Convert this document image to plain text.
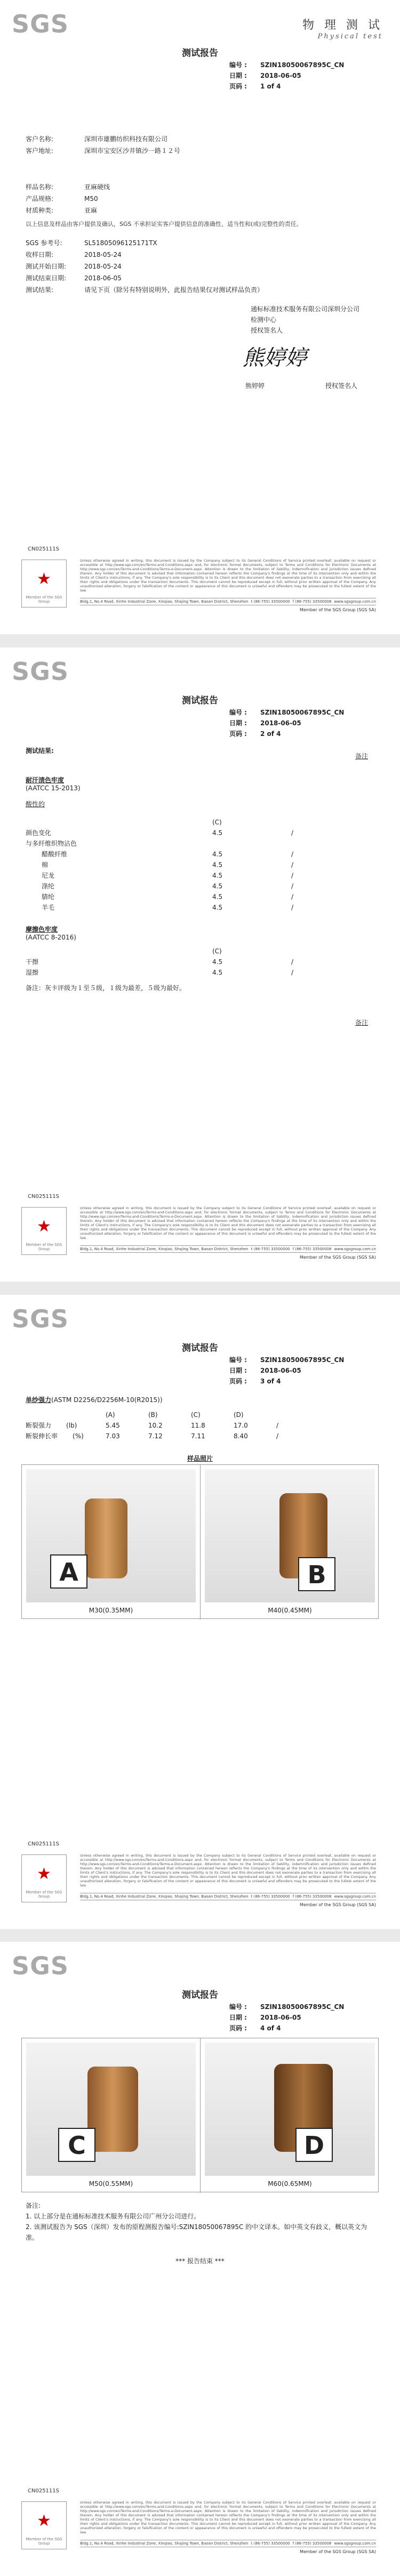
SGS	物 理 测 试
Physical test
测试报告
编号 :	SZIN18050067895C_CN
日期 :	2018-06-05
页码 :	1 of 4
客户名称:	深圳市雄鹏纺织科技有限公司
客户地址:	深圳市宝安区沙井镇沙一路１２号
样品名称:	亚麻硬线
产品规格:	M50
材质种类:	亚麻
以上信息及样品由客户提供及确认，SGS 不承担证实客户提供信息的准确性、适当性和(或)完整性的责任。
SGS 参考号:	SL51805096125171TX
收样日期:	2018-05-24
测试开始日期:	2018-05-24
测试结束日期:	2018-06-05
测试结果:	请见下页（除另有特别说明外，此报告结果仅对测试样品负责）
通标标准技术服务有限公司深圳分公司
检测中心
授权签名人
熊婷婷
熊婷婷	授权签名人
CN025111S
★
Member of the SGS Group
Unless otherwise agreed in writing, this document is issued by the Company subject to its General Conditions of Service printed overleaf, available on request or accessible at http://www.sgs.com/en/Terms-and-Conditions.aspx and, for electronic format documents, subject to Terms and Conditions for Electronic Documents at http://www.sgs.com/en/Terms-and-Conditions/Terms-e-Document.aspx. Attention is drawn to the limitation of liability, indemnification and jurisdiction issues defined therein. Any holder of this document is advised that information contained hereon reflects the Company's findings at the time of its intervention only and within the limits of Client's instructions, if any. The Company's sole responsibility is to its Client and this document does not exonerate parties to a transaction from exercising all their rights and obligations under the transaction documents. This document cannot be reproduced except in full, without prior written approval of the Company. Any unauthorized alteration, forgery or falsification of the content or appearance of this document is unlawful and offenders may be prosecuted to the fullest extent of the law.
Bldg.1, No.4 Road, Xinhe Industrial Zone, Xinqiao, Shajing Town, Baoan District, Shenzhen t (86-755) 33500000 f (86-755) 33500008 www.sgsgroup.com.cn
Member of the SGS Group (SGS SA)
SGS
测试报告
编号 :	SZIN18050067895C_CN
日期 :	2018-06-05
页码 :	2 of 4
测试结果:
备注
耐汗渍色牢度
(AATCC 15-2013)
酸性的
(C)
颜色变化	4.5	/
与多纤维织物沾色
醋酸纤维	4.5	/
棉	4.5	/
尼龙	4.5	/
涤纶	4.5	/
腈纶	4.5	/
羊毛	4.5	/
摩擦色牢度
(AATCC 8-2016)
(C)
干擦	4.5	/
湿擦	4.5	/
备注：灰卡评级为１至５级，１级为最差，５级为最好。
备注
CN025111S
★
Member of the SGS Group
Unless otherwise agreed in writing, this document is issued by the Company subject to its General Conditions of Service printed overleaf, available on request or accessible at http://www.sgs.com/en/Terms-and-Conditions.aspx and, for electronic format documents, subject to Terms and Conditions for Electronic Documents at http://www.sgs.com/en/Terms-and-Conditions/Terms-e-Document.aspx. Attention is drawn to the limitation of liability, indemnification and jurisdiction issues defined therein. Any holder of this document is advised that information contained hereon reflects the Company's findings at the time of its intervention only and within the limits of Client's instructions, if any. The Company's sole responsibility is to its Client and this document does not exonerate parties to a transaction from exercising all their rights and obligations under the transaction documents. This document cannot be reproduced except in full, without prior written approval of the Company. Any unauthorized alteration, forgery or falsification of the content or appearance of this document is unlawful and offenders may be prosecuted to the fullest extent of the law.
Bldg.1, No.4 Road, Xinhe Industrial Zone, Xinqiao, Shajing Town, Baoan District, Shenzhen t (86-755) 33500000 f (86-755) 33500008 www.sgsgroup.com.cn
Member of the SGS Group (SGS SA)
SGS
测试报告
编号 :	SZIN18050067895C_CN
日期 :	2018-06-05
页码 :	3 of 4
单纱强力(ASTM D2256/D2256M-10(R2015))
(A)	(B)	(C)	(D)
断裂强力 (lb)	5.45	10.2	11.8	17.0	/
断裂伸长率 (%)	7.03	7.12	7.11	8.40	/
样品照片
A
M30(0.35MM)
B
M40(0.45MM)
CN025111S
★
Member of the SGS Group
Unless otherwise agreed in writing, this document is issued by the Company subject to its General Conditions of Service printed overleaf, available on request or accessible at http://www.sgs.com/en/Terms-and-Conditions.aspx and, for electronic format documents, subject to Terms and Conditions for Electronic Documents at http://www.sgs.com/en/Terms-and-Conditions/Terms-e-Document.aspx. Attention is drawn to the limitation of liability, indemnification and jurisdiction issues defined therein. Any holder of this document is advised that information contained hereon reflects the Company's findings at the time of its intervention only and within the limits of Client's instructions, if any. The Company's sole responsibility is to its Client and this document does not exonerate parties to a transaction from exercising all their rights and obligations under the transaction documents. This document cannot be reproduced except in full, without prior written approval of the Company. Any unauthorized alteration, forgery or falsification of the content or appearance of this document is unlawful and offenders may be prosecuted to the fullest extent of the law.
Bldg.1, No.4 Road, Xinhe Industrial Zone, Xinqiao, Shajing Town, Baoan District, Shenzhen t (86-755) 33500000 f (86-755) 33500008 www.sgsgroup.com.cn
Member of the SGS Group (SGS SA)
SGS
测试报告
编号 :	SZIN18050067895C_CN
日期 :	2018-06-05
页码 :	4 of 4
C
M50(0.55MM)
D
M60(0.65MM)
备注:
1. 以上部分是在通标标准技术服务有限公司广州分公司进行。
2. 该测试报告为 SGS（深圳）发布的原程测报告编号:SZIN18050067895C 的中文译本。如中英文有歧义，概以英文为准。
*** 报告结束 ***
CN025111S
★
Member of the SGS Group
Unless otherwise agreed in writing, this document is issued by the Company subject to its General Conditions of Service printed overleaf, available on request or accessible at http://www.sgs.com/en/Terms-and-Conditions.aspx and, for electronic format documents, subject to Terms and Conditions for Electronic Documents at http://www.sgs.com/en/Terms-and-Conditions/Terms-e-Document.aspx. Attention is drawn to the limitation of liability, indemnification and jurisdiction issues defined therein. Any holder of this document is advised that information contained hereon reflects the Company's findings at the time of its intervention only and within the limits of Client's instructions, if any. The Company's sole responsibility is to its Client and this document does not exonerate parties to a transaction from exercising all their rights and obligations under the transaction documents. This document cannot be reproduced except in full, without prior written approval of the Company. Any unauthorized alteration, forgery or falsification of the content or appearance of this document is unlawful and offenders may be prosecuted to the fullest extent of the law.
Bldg.1, No.4 Road, Xinhe Industrial Zone, Xinqiao, Shajing Town, Baoan District, Shenzhen t (86-755) 33500000 f (86-755) 33500008 www.sgsgroup.com.cn
Member of the SGS Group (SGS SA)
